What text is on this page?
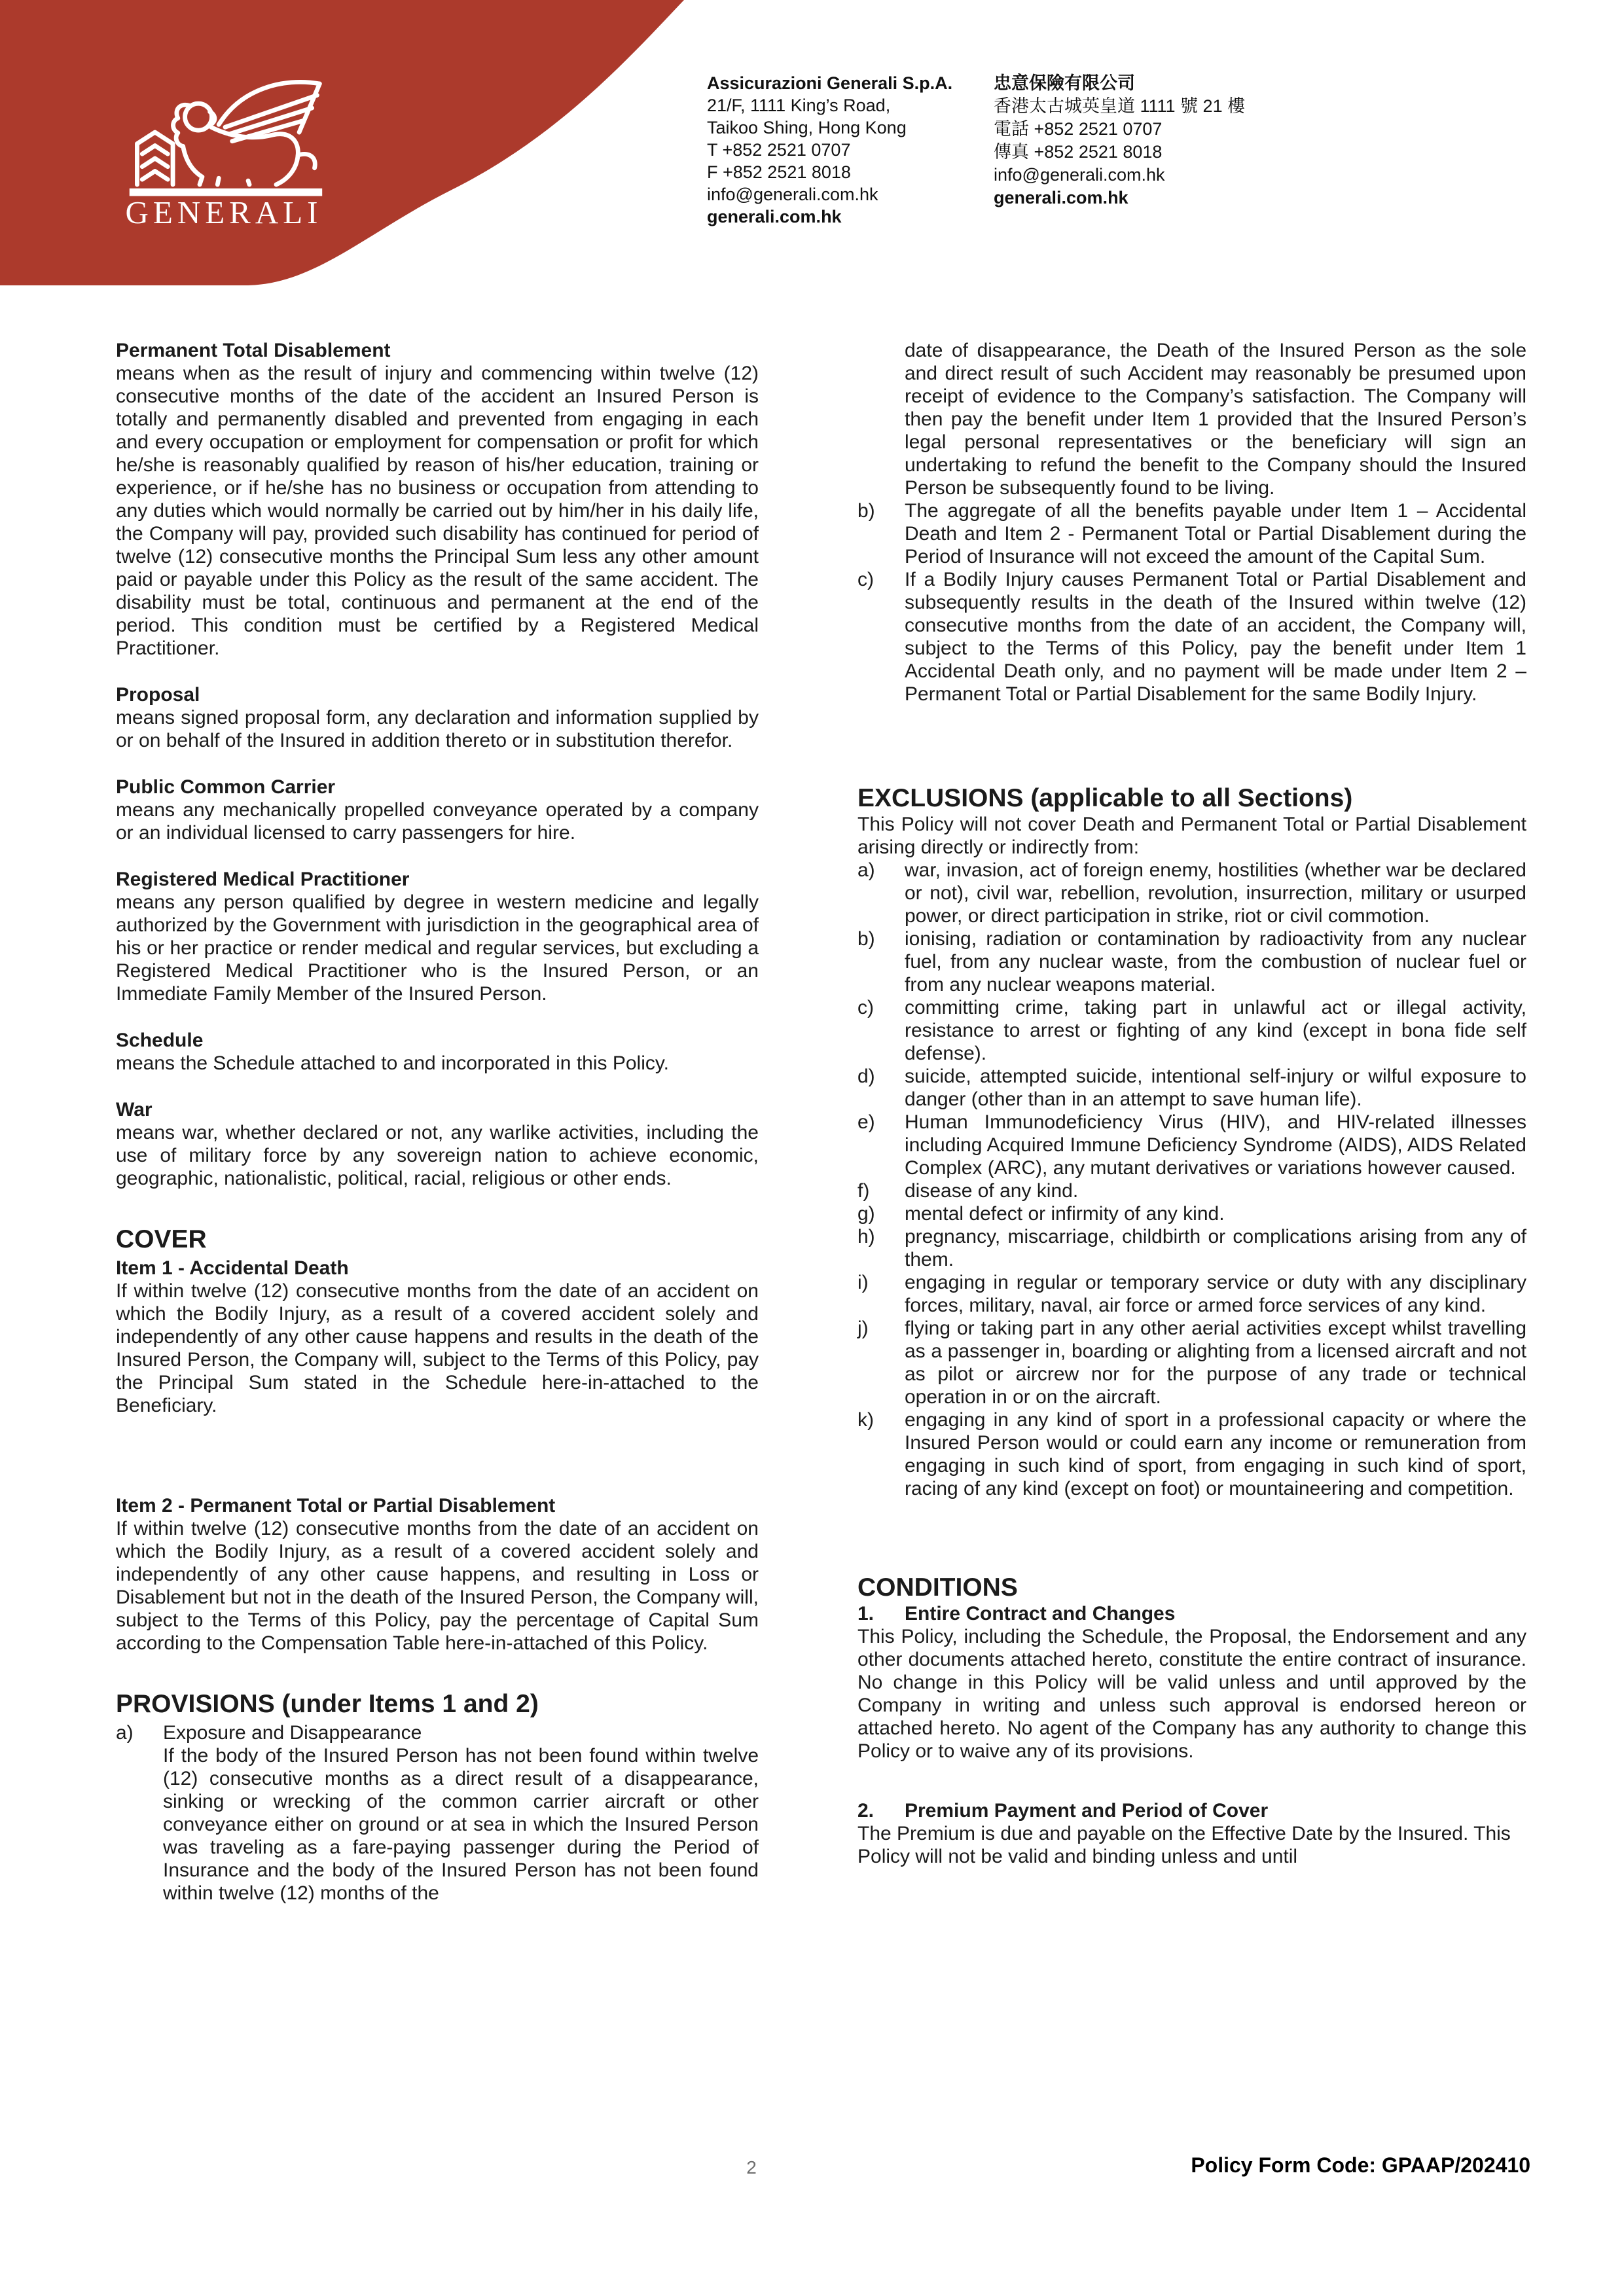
GENERALI
Assicurazioni Generali S.p.A.
21/F, 1111 King’s Road,
Taikoo Shing, Hong Kong
T +852 2521 0707
F +852 2521 8018
info@generali.com.hk
generali.com.hk
忠意保險有限公司
香港太古城英皇道 1111 號 21 樓
電話 +852 2521 0707
傳真 +852 2521 8018
info@generali.com.hk
generali.com.hk
Permanent Total Disablement
means when as the result of injury and commencing within twelve (12) consecutive months of the date of the accident an Insured Person is totally and permanently disabled and prevented from engaging in each and every occupation or employment for compensation or profit for which he/she is reasonably qualified by reason of his/her education, training or experience, or if he/she has no business or occupation from attending to any duties which would normally be carried out by him/her in his daily life, the Company will pay, provided such disability has continued for period of twelve (12) consecutive months the Principal Sum less any other amount paid or payable under this Policy as the result of the same accident. The disability must be total, continuous and permanent at the end of the period. This condition must be certified by a Registered Medical Practitioner.
Proposal
means signed proposal form, any declaration and information supplied by or on behalf of the Insured in addition thereto or in substitution therefor.
Public Common Carrier
means any mechanically propelled conveyance operated by a company or an individual licensed to carry passengers for hire.
Registered Medical Practitioner
means any person qualified by degree in western medicine and legally authorized by the Government with jurisdiction in the geographical area of his or her practice or render medical and regular services, but excluding a Registered Medical Practitioner who is the Insured Person, or an Immediate Family Member of the Insured Person.
Schedule
means the Schedule attached to and incorporated in this Policy.
War
means war, whether declared or not, any warlike activities, including the use of military force by any sovereign nation to achieve economic, geographic, nationalistic, political, racial, religious or other ends.
COVER
Item 1 - Accidental Death
If within twelve (12) consecutive months from the date of an accident on which the Bodily Injury, as a result of a covered accident solely and independently of any other cause happens and results in the death of the Insured Person, the Company will, subject to the Terms of this Policy, pay the Principal Sum stated in the Schedule here-in-attached to the Beneficiary.
Item 2 - Permanent Total or Partial Disablement
If within twelve (12) consecutive months from the date of an accident on which the Bodily Injury, as a result of a covered accident solely and independently of any other cause happens, and resulting in Loss or Disablement but not in the death of the Insured Person, the Company will, subject to the Terms of this Policy, pay the percentage of Capital Sum according to the Compensation Table here-in-attached of this Policy.
PROVISIONS (under Items 1 and 2)
a)	Exposure and Disappearance
If the body of the Insured Person has not been found within twelve (12) consecutive months as a direct result of a disappearance, sinking or wrecking of the common carrier aircraft or other conveyance either on ground or at sea in which the Insured Person was traveling as a fare-paying passenger during the Period of Insurance and the body of the Insured Person has not been found within twelve (12) months of the
date of disappearance, the Death of the Insured Person as the sole and direct result of such Accident may reasonably be presumed upon receipt of evidence to the Company’s satisfaction. The Company will then pay the benefit under Item 1 provided that the Insured Person’s legal personal representatives or the beneficiary will sign an undertaking to refund the benefit to the Company should the Insured Person be subsequently found to be living.
b)	The aggregate of all the benefits payable under Item 1 – Accidental Death and Item 2 - Permanent Total or Partial Disablement during the Period of Insurance will not exceed the amount of the Capital Sum.
c)	If a Bodily Injury causes Permanent Total or Partial Disablement and subsequently results in the death of the Insured within twelve (12) consecutive months from the date of an accident, the Company will, subject to the Terms of this Policy, pay the benefit under Item 1 Accidental Death only, and no payment will be made under Item 2 – Permanent Total or Partial Disablement for the same Bodily Injury.
EXCLUSIONS (applicable to all Sections)
This Policy will not cover Death and Permanent Total or Partial Disablement arising directly or indirectly from:
a)	war, invasion, act of foreign enemy, hostilities (whether war be declared or not), civil war, rebellion, revolution, insurrection, military or usurped power, or direct participation in strike, riot or civil commotion.
b)	ionising, radiation or contamination by radioactivity from any nuclear fuel, from any nuclear waste, from the combustion of nuclear fuel or from any nuclear weapons material.
c)	committing crime, taking part in unlawful act or illegal activity, resistance to arrest or fighting of any kind (except in bona fide self defense).
d)	suicide, attempted suicide, intentional self-injury or wilful exposure to danger (other than in an attempt to save human life).
e)	Human Immunodeficiency Virus (HIV), and HIV-related illnesses including Acquired Immune Deficiency Syndrome (AIDS), AIDS Related Complex (ARC), any mutant derivatives or variations however caused.
f)	disease of any kind.
g)	mental defect or infirmity of any kind.
h)	pregnancy, miscarriage, childbirth or complications arising from any of them.
i)	engaging in regular or temporary service or duty with any disciplinary forces, military, naval, air force or armed force services of any kind.
j)	flying or taking part in any other aerial activities except whilst travelling as a passenger in, boarding or alighting from a licensed aircraft and not as pilot or aircrew nor for the purpose of any trade or technical operation in or on the aircraft.
k)	engaging in any kind of sport in a professional capacity or where the Insured Person would or could earn any income or remuneration from engaging in such kind of sport, from engaging in such kind of sport, racing of any kind (except on foot) or mountaineering and competition.
CONDITIONS
1.	Entire Contract and Changes
This Policy, including the Schedule, the Proposal, the Endorsement and any other documents attached hereto, constitute the entire contract of insurance. No change in this Policy will be valid unless and until approved by the Company in writing and unless such approval is endorsed hereon or attached hereto. No agent of the Company has any authority to change this Policy or to waive any of its provisions.
2.	Premium Payment and Period of Cover
The Premium is due and payable on the Effective Date by the Insured. This Policy will not be valid and binding unless and until
2	Policy Form Code: GPAAP/202410
